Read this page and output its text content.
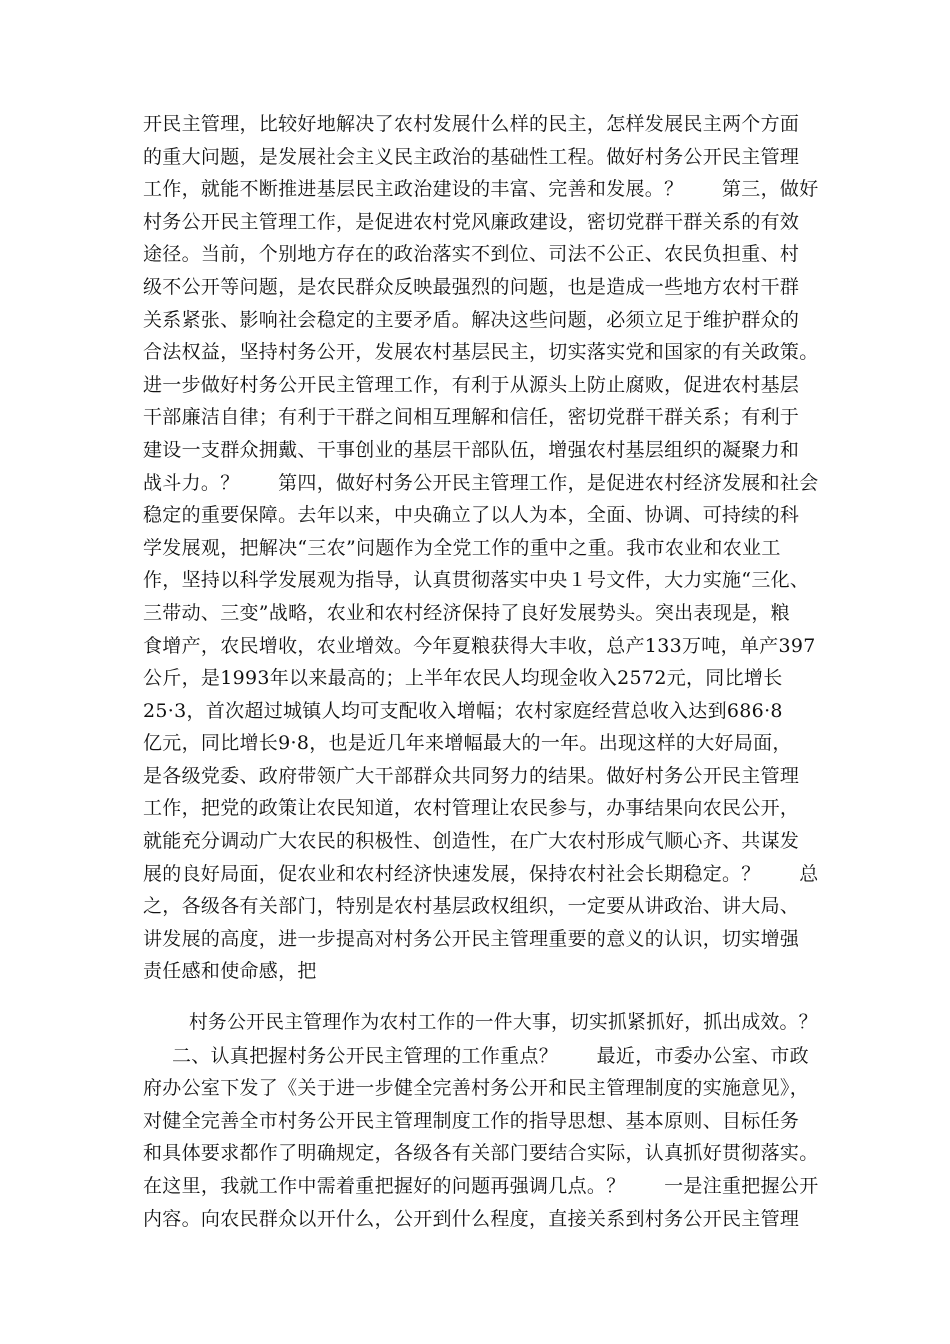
开民主管理，比较好地解决了农村发展什么样的民主，怎样发展民主两个方面
的重大问题，是发展社会主义民主政治的基础性工程。做好村务公开民主管理
工作，就能不断推进基层民主政治建设的丰富、完善和发展。？　　第三，做好
村务公开民主管理工作，是促进农村党风廉政建设，密切党群干群关系的有效
途径。当前，个别地方存在的政治落实不到位、司法不公正、农民负担重、村
级不公开等问题，是农民群众反映最强烈的问题，也是造成一些地方农村干群
关系紧张、影响社会稳定的主要矛盾。解决这些问题，必须立足于维护群众的
合法权益，坚持村务公开，发展农村基层民主，切实落实党和国家的有关政策。
进一步做好村务公开民主管理工作，有利于从源头上防止腐败，促进农村基层
干部廉洁自律；有利于干群之间相互理解和信任，密切党群干群关系；有利于
建设一支群众拥戴、干事创业的基层干部队伍，增强农村基层组织的凝聚力和
战斗力。？　　第四，做好村务公开民主管理工作，是促进农村经济发展和社会
稳定的重要保障。去年以来，中央确立了以人为本，全面、协调、可持续的科
学发展观，把解决“三农”问题作为全党工作的重中之重。我市农业和农业工
作，坚持以科学发展观为指导，认真贯彻落实中央１号文件，大力实施“三化、
三带动、三变”战略，农业和农村经济保持了良好发展势头。突出表现是，粮
食增产，农民增收，农业增效。今年夏粮获得大丰收，总产133万吨，单产397
公斤，是1993年以来最高的；上半年农民人均现金收入2572元，同比增长
25·3，首次超过城镇人均可支配收入增幅；农村家庭经营总收入达到686·8
亿元，同比增长9·8，也是近几年来增幅最大的一年。出现这样的大好局面，
是各级党委、政府带领广大干部群众共同努力的结果。做好村务公开民主管理
工作，把党的政策让农民知道，农村管理让农民参与，办事结果向农民公开，
就能充分调动广大农民的积极性、创造性，在广大农村形成气顺心齐、共谋发
展的良好局面，促农业和农村经济快速发展，保持农村社会长期稳定。？　　总
之，各级各有关部门，特别是农村基层政权组织，一定要从讲政治、讲大局、
讲发展的高度，进一步提高对村务公开民主管理重要的意义的认识，切实增强
责任感和使命感，把
村务公开民主管理作为农村工作的一件大事，切实抓紧抓好，抓出成效。？
二、认真把握村务公开民主管理的工作重点？　　最近，市委办公室、市政
府办公室下发了《关于进一步健全完善村务公开和民主管理制度的实施意见》，
对健全完善全市村务公开民主管理制度工作的指导思想、基本原则、目标任务
和具体要求都作了明确规定，各级各有关部门要结合实际，认真抓好贯彻落实。
在这里，我就工作中需着重把握好的问题再强调几点。？　　一是注重把握公开
内容。向农民群众以开什么，公开到什么程度，直接关系到村务公开民主管理
